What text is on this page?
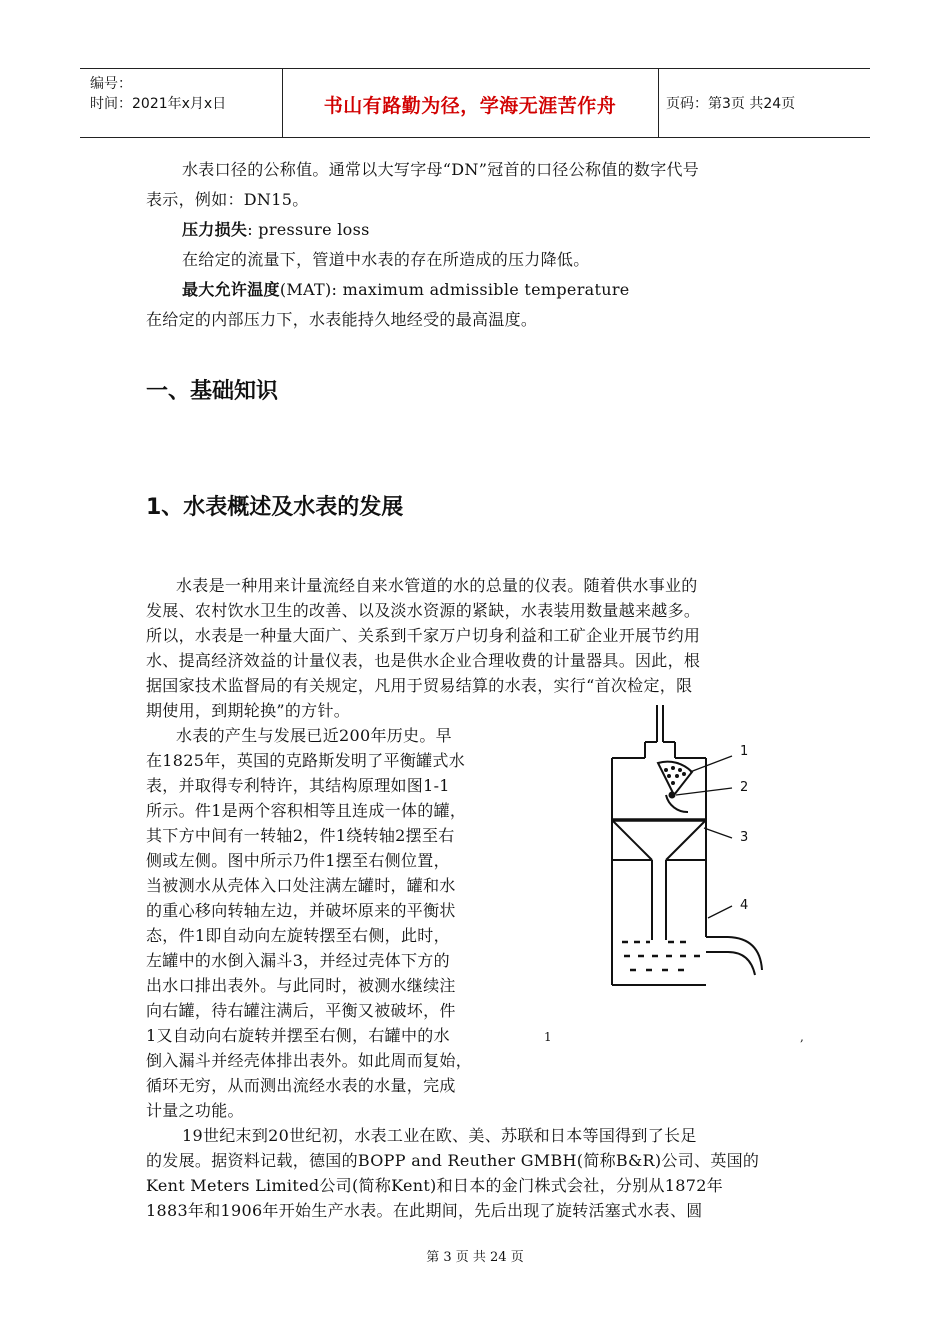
编号：
时间：2021年x月x日	书山有路勤为径，学海无涯苦作舟	页码：第3页 共24页
水表口径的公称值。通常以大写字母“DN”冠首的口径公称值的数字代号
表示，例如：DN15。
压力损失: pressure loss
在给定的流量下，管道中水表的存在所造成的压力降低。
最大允许温度(MAT): maximum admissible temperature
在给定的内部压力下，水表能持久地经受的最高温度。
一、基础知识
1、水表概述及水表的发展
水表是一种用来计量流经自来水管道的水的总量的仪表。随着供水事业的
发展、农村饮水卫生的改善、以及淡水资源的紧缺，水表装用数量越来越多。
所以，水表是一种量大面广、关系到千家万户切身利益和工矿企业开展节约用
水、提高经济效益的计量仪表，也是供水企业合理收费的计量器具。因此，根
据国家技术监督局的有关规定，凡用于贸易结算的水表，实行“首次检定，限
期使用，到期轮换”的方针。
水表的产生与发展已近200年历史。早
在1825年，英国的克路斯发明了平衡罐式水
表，并取得专利特许，其结构原理如图1-1
所示。件1是两个容积相等且连成一体的罐，
其下方中间有一转轴2，件1绕转轴2摆至右
侧或左侧。图中所示乃件1摆至右侧位置，
当被测水从壳体入口处注满左罐时，罐和水
的重心移向转轴左边，并破坏原来的平衡状
态，件1即自动向左旋转摆至右侧，此时，
左罐中的水倒入漏斗3，并经过壳体下方的
出水口排出表外。与此同时，被测水继续注
向右罐，待右罐注满后，平衡又被破坏，件
1又自动向右旋转并摆至右侧，右罐中的水
倒入漏斗并经壳体排出表外。如此周而复始，
循环无穷，从而测出流经水表的水量，完成
计量之功能。
1
2
3
4
1	,
19世纪末到20世纪初，水表工业在欧、美、苏联和日本等国得到了长足
的发展。据资料记载，德国的BOPP and Reuther GMBH(简称B&R)公司、英国的
Kent Meters Limited公司(简称Kent)和日本的金门株式会社，分别从1872年
1883年和1906年开始生产水表。在此期间，先后出现了旋转活塞式水表、圆
第 3 页 共 24 页
